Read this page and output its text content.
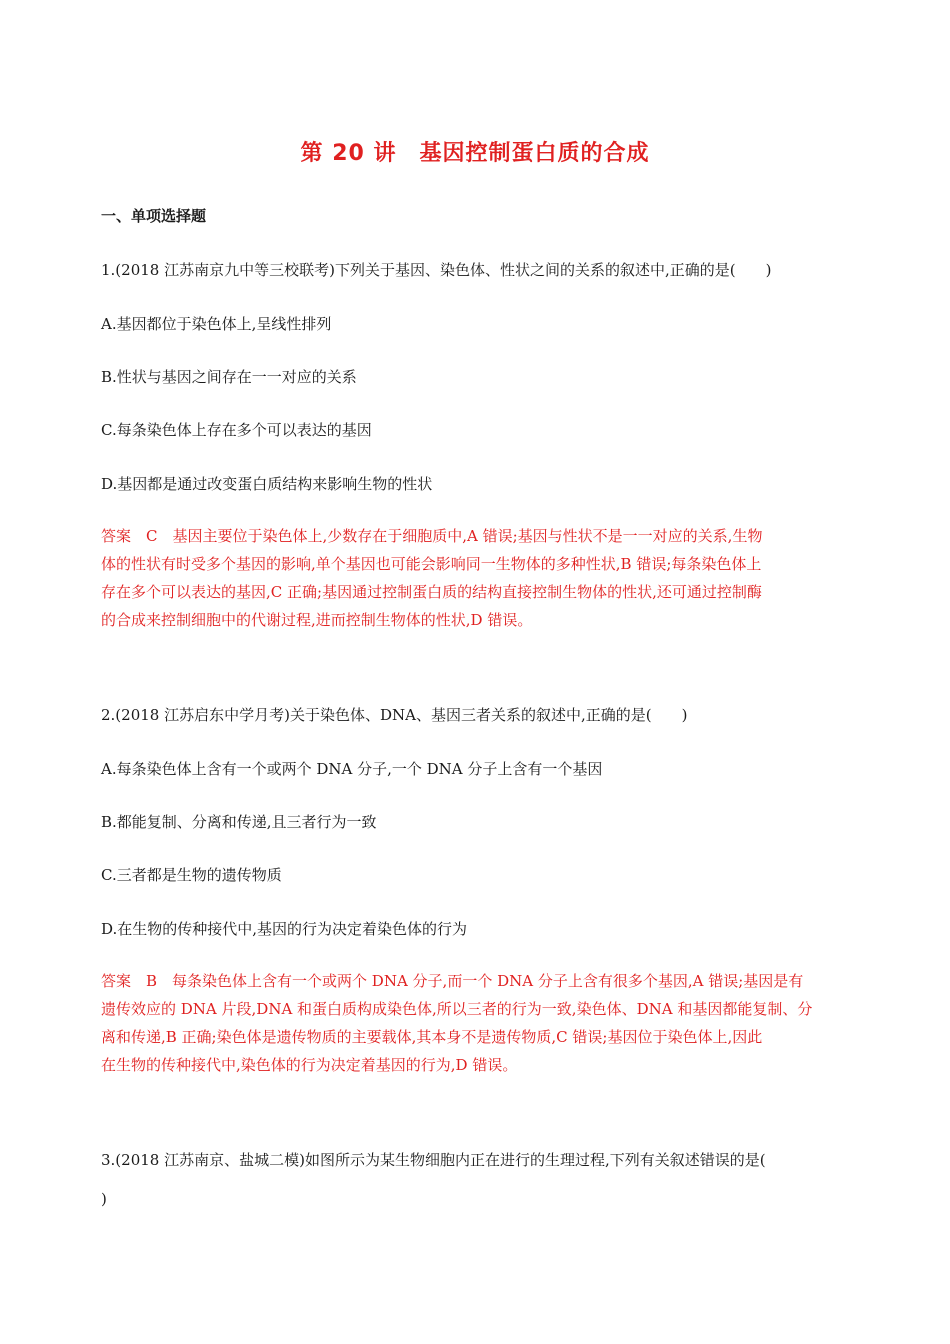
第 20 讲　基因控制蛋白质的合成
一、单项选择题
1.(2018 江苏南京九中等三校联考)下列关于基因、染色体、性状之间的关系的叙述中,正确的是(　　)
A.基因都位于染色体上,呈线性排列
B.性状与基因之间存在一一对应的关系
C.每条染色体上存在多个可以表达的基因
D.基因都是通过改变蛋白质结构来影响生物的性状
答案　C　基因主要位于染色体上,少数存在于细胞质中,A 错误;基因与性状不是一一对应的关系,生物
体的性状有时受多个基因的影响,单个基因也可能会影响同一生物体的多种性状,B 错误;每条染色体上
存在多个可以表达的基因,C 正确;基因通过控制蛋白质的结构直接控制生物体的性状,还可通过控制酶
的合成来控制细胞中的代谢过程,进而控制生物体的性状,D 错误。
2.(2018 江苏启东中学月考)关于染色体、DNA、基因三者关系的叙述中,正确的是(　　)
A.每条染色体上含有一个或两个 DNA 分子,一个 DNA 分子上含有一个基因
B.都能复制、分离和传递,且三者行为一致
C.三者都是生物的遗传物质
D.在生物的传种接代中,基因的行为决定着染色体的行为
答案　B　每条染色体上含有一个或两个 DNA 分子,而一个 DNA 分子上含有很多个基因,A 错误;基因是有
遗传效应的 DNA 片段,DNA 和蛋白质构成染色体,所以三者的行为一致,染色体、DNA 和基因都能复制、分
离和传递,B 正确;染色体是遗传物质的主要载体,其本身不是遗传物质,C 错误;基因位于染色体上,因此
在生物的传种接代中,染色体的行为决定着基因的行为,D 错误。
3.(2018 江苏南京、盐城二模)如图所示为某生物细胞内正在进行的生理过程,下列有关叙述错误的是(
)
